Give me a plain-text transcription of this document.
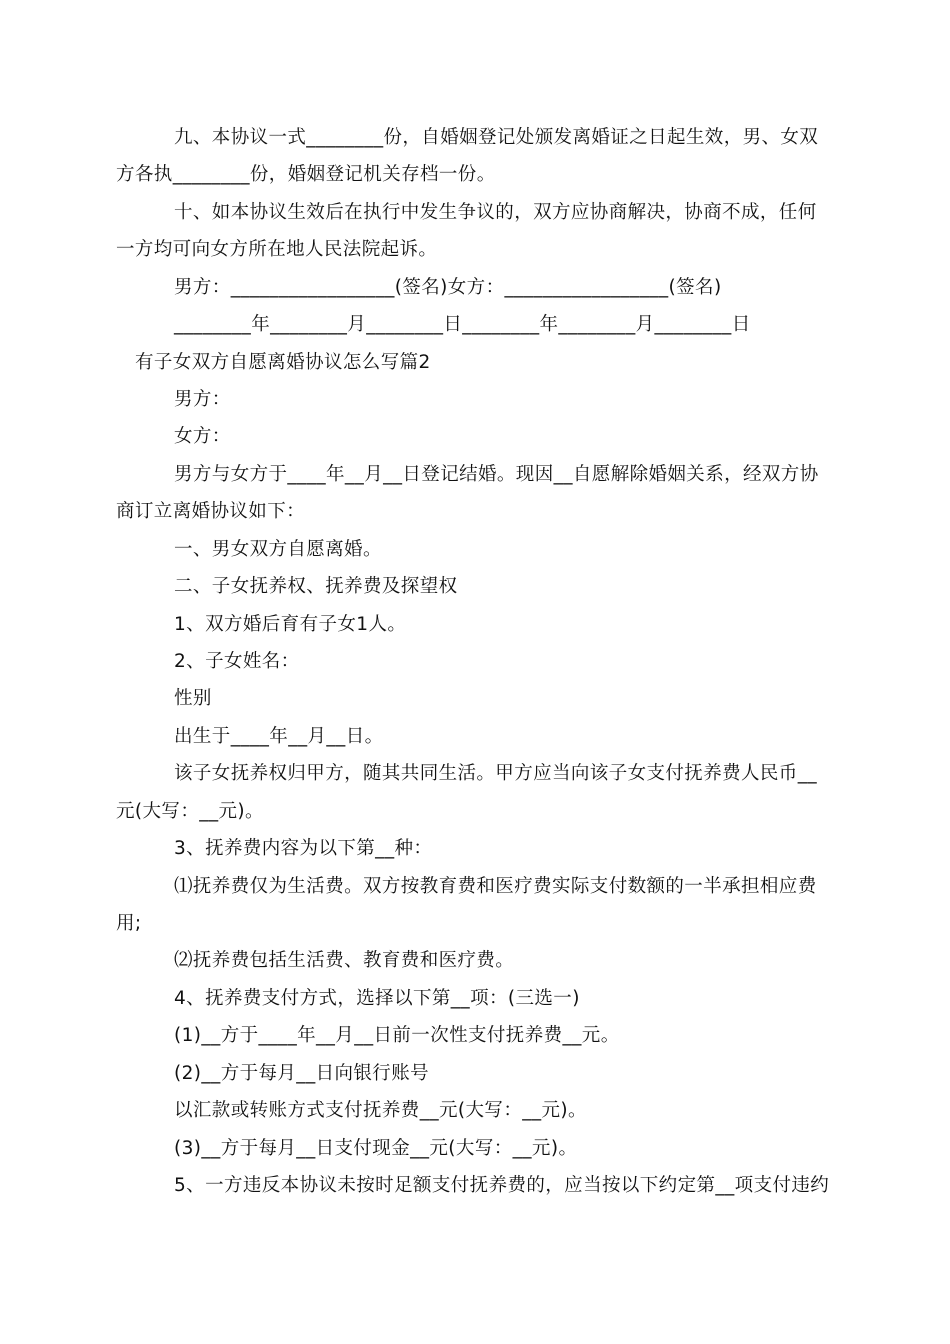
九、本协议一式________份，自婚姻登记处颁发离婚证之日起生效，男、女双
方各执________份，婚姻登记机关存档一份。
十、如本协议生效后在执行中发生争议的，双方应协商解决，协商不成，任何
一方均可向女方所在地人民法院起诉。
男方：_________________(签名)女方：_________________(签名)
________年________月________日________年________月________日
有子女双方自愿离婚协议怎么写篇2
男方：
女方：
男方与女方于____年__月__日登记结婚。现因__自愿解除婚姻关系，经双方协
商订立离婚协议如下：
一、男女双方自愿离婚。
二、子女抚养权、抚养费及探望权
1、双方婚后育有子女1人。
2、子女姓名：
性别
出生于____年__月__日。
该子女抚养权归甲方，随其共同生活。甲方应当向该子女支付抚养费人民币__
元(大写：__元)。
3、抚养费内容为以下第__种：
⑴抚养费仅为生活费。双方按教育费和医疗费实际支付数额的一半承担相应费
用;
⑵抚养费包括生活费、教育费和医疗费。
4、抚养费支付方式，选择以下第__项：(三选一)
(1)__方于____年__月__日前一次性支付抚养费__元。
(2)__方于每月__日向银行账号
以汇款或转账方式支付抚养费__元(大写：__元)。
(3)__方于每月__日支付现金__元(大写：__元)。
5、一方违反本协议未按时足额支付抚养费的，应当按以下约定第__项支付违约
